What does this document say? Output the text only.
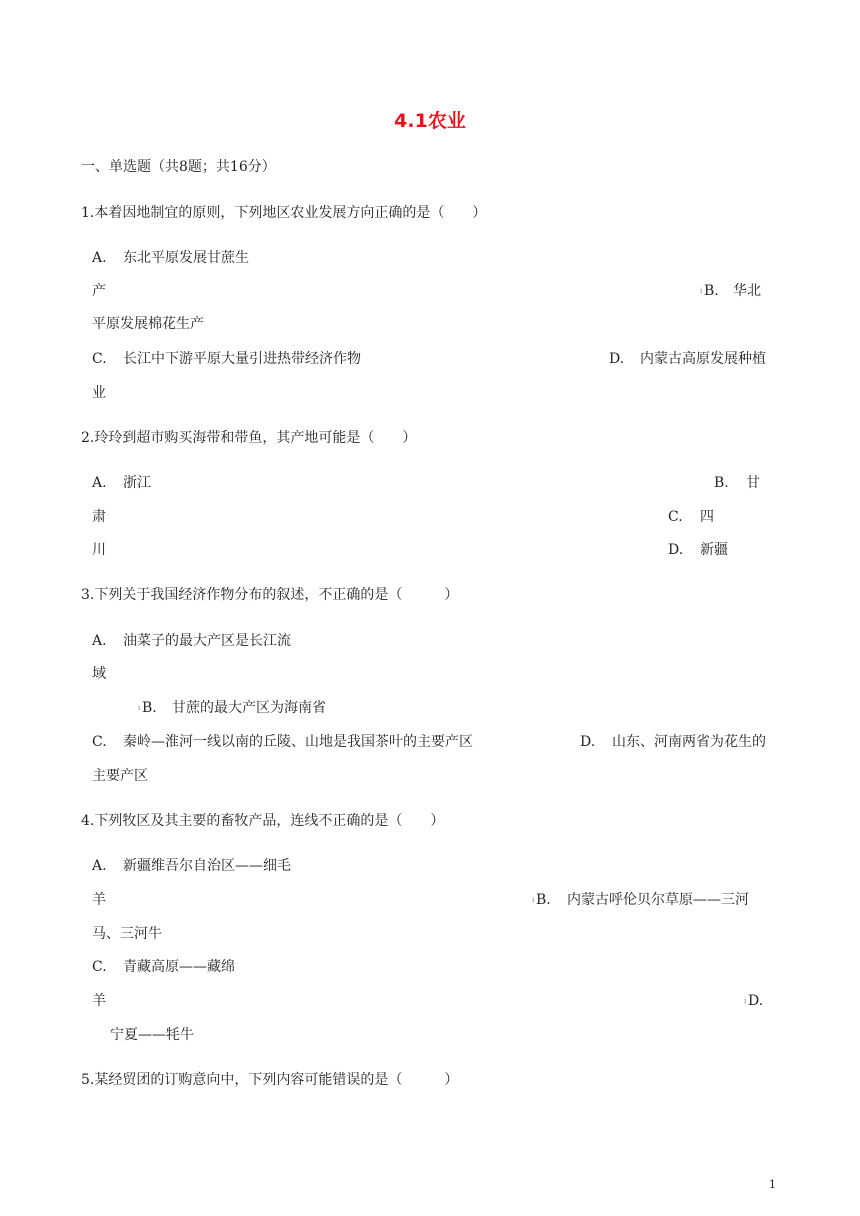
4.1农业
一、单选题（共8题；共16分）
1.本着因地制宜的原则，下列地区农业发展方向正确的是（　　）
A. 东北平原发展甘蔗生
产	ⅰ B. 华北
平原发展棉花生产
C. 长江中下游平原大量引进热带经济作物	D. 内蒙古高原发展种植
业
2.玲玲到超市购买海带和带鱼，其产地可能是（　　）
A. 浙江	B. 甘
肃	C. 四
川	D. 新疆
3.下列关于我国经济作物分布的叙述，不正确的是（　　　）
A. 油菜子的最大产区是长江流
域
ⅰ B. 甘蔗的最大产区为海南省
C. 秦岭—淮河一线以南的丘陵、山地是我国茶叶的主要产区	D. 山东、河南两省为花生的
主要产区
4.下列牧区及其主要的畜牧产品，连线不正确的是（　　）
A. 新疆维吾尔自治区——细毛
羊	ⅰ B. 内蒙古呼伦贝尔草原——三河
马、三河牛
C. 青藏高原——藏绵
羊	ⅰ D.
宁夏——牦牛
5.某经贸团的订购意向中，下列内容可能错误的是（　　　）
1
